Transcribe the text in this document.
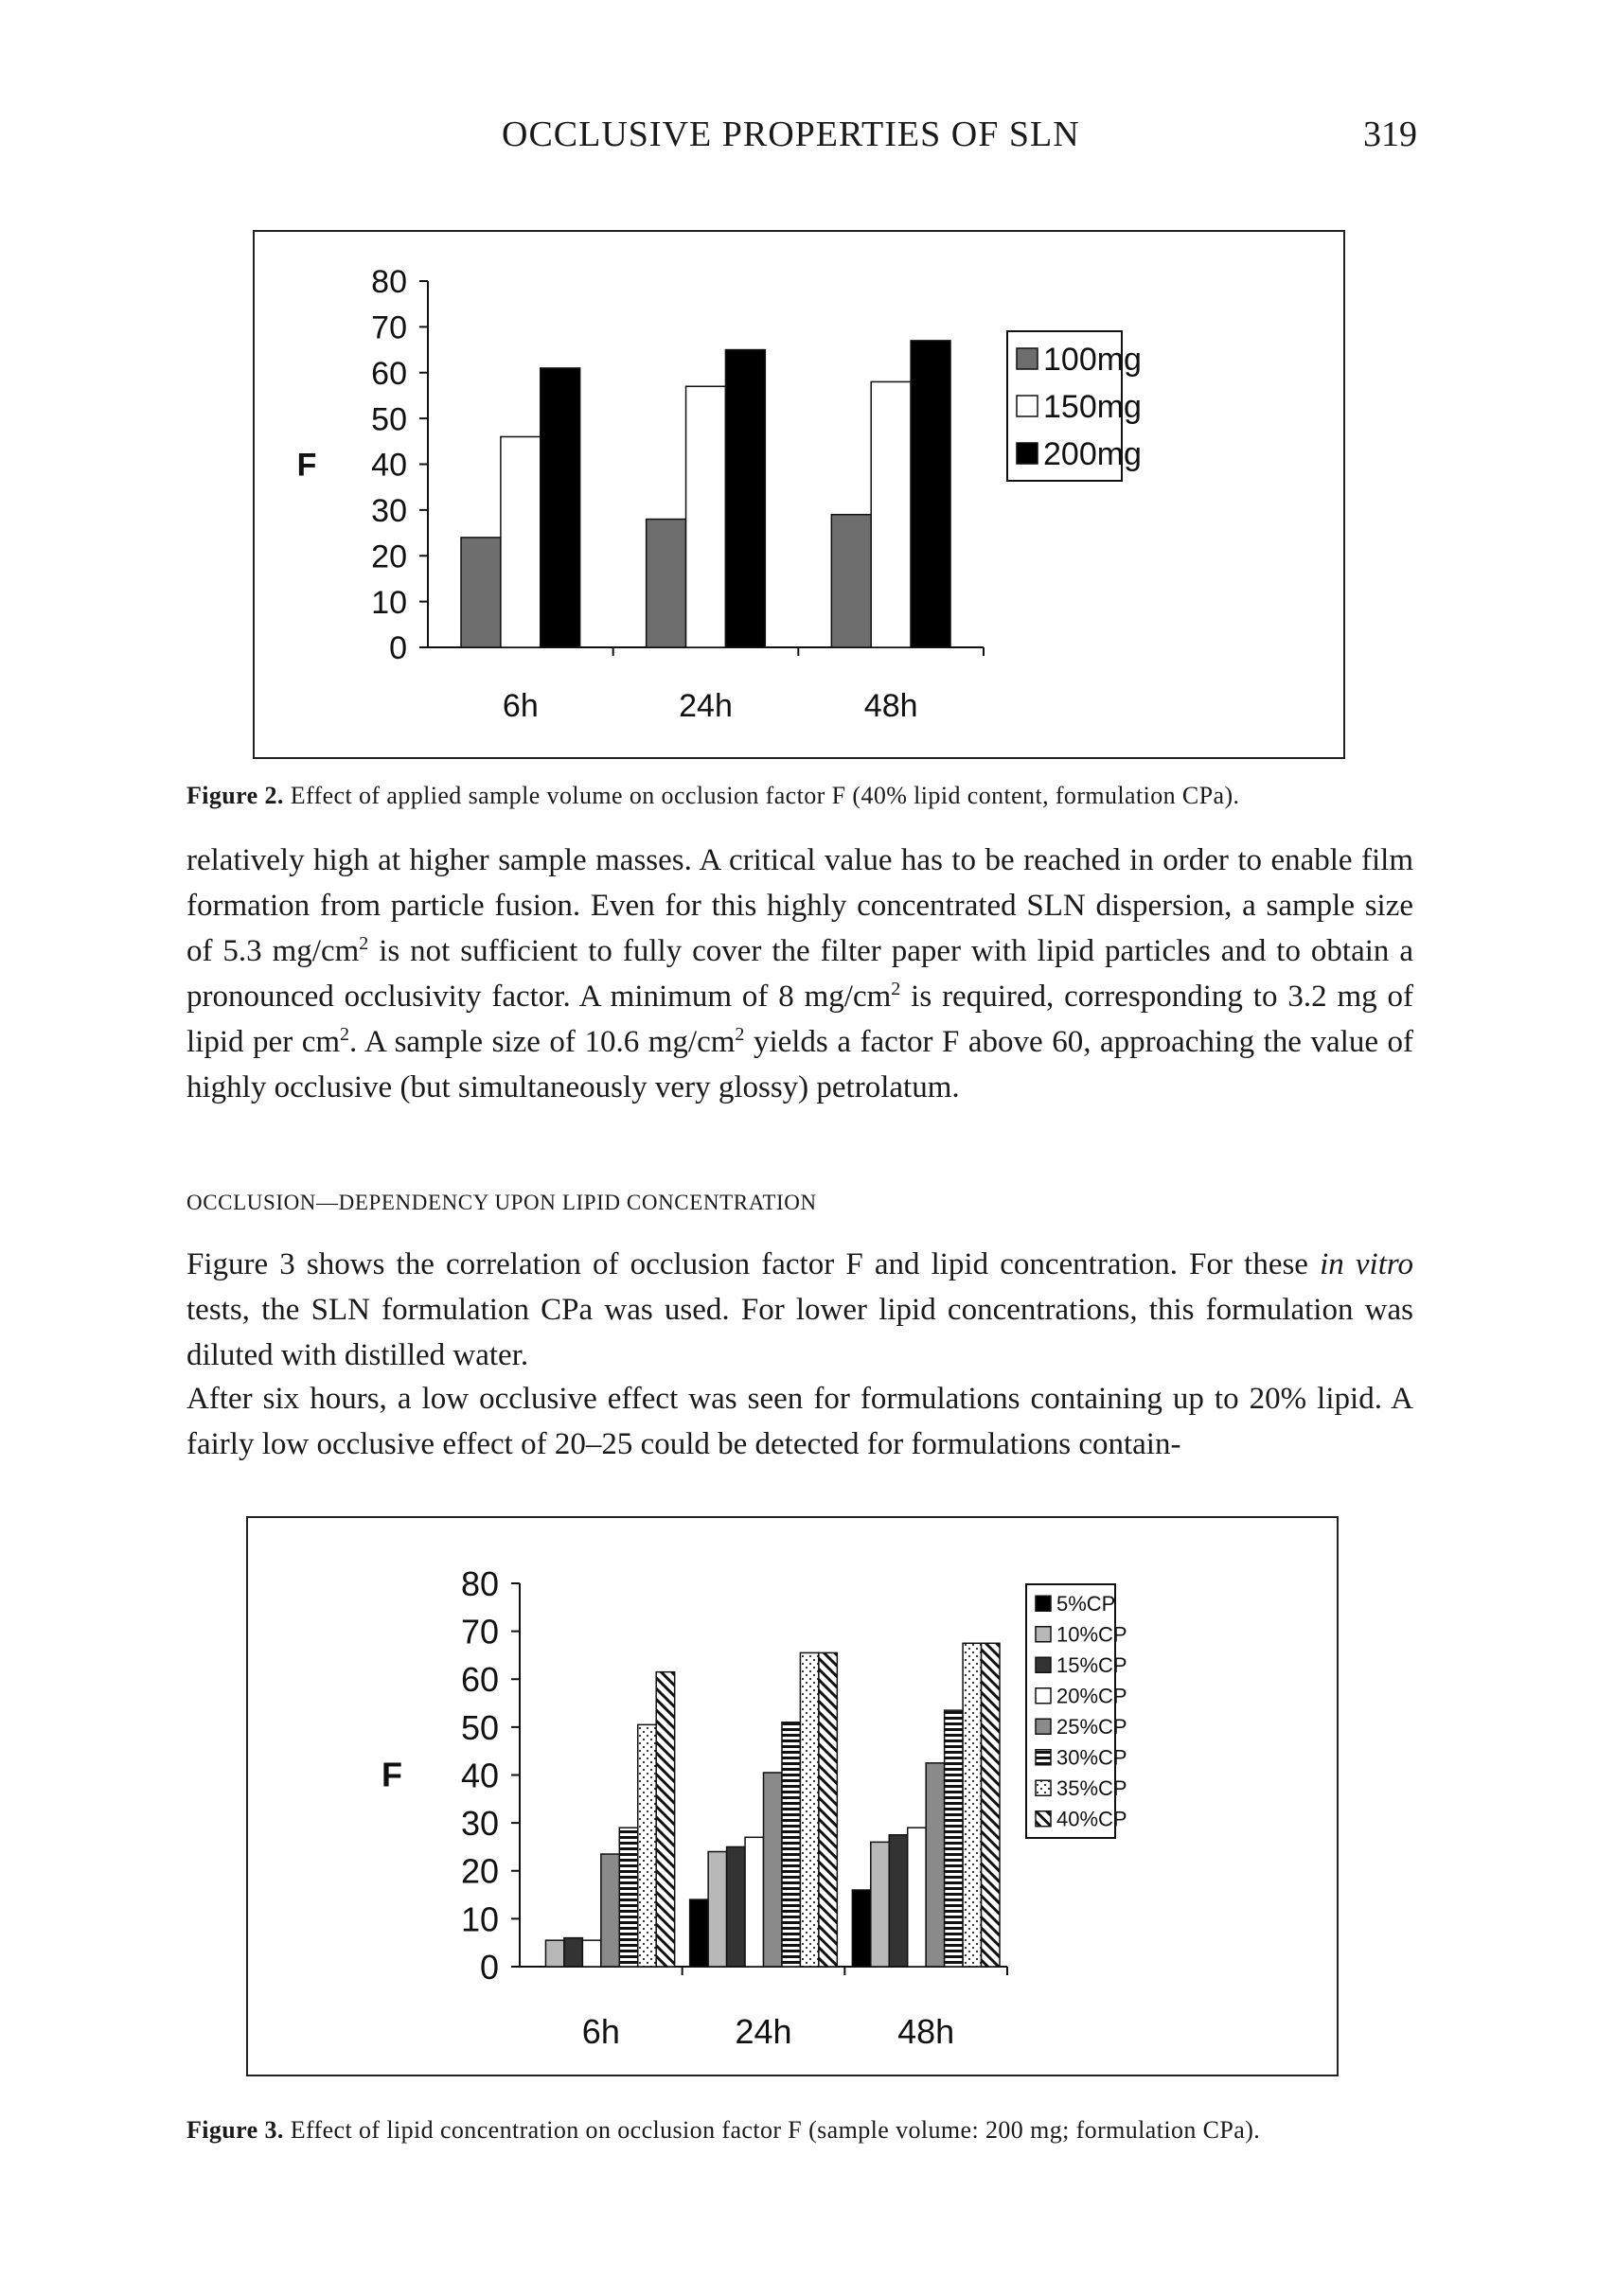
OCCLUSIVE PROPERTIES OF SLN	319
0
10
20
30
40
50
60
70
80
F
6h	24h	48h
100mg
150mg
200mg
Figure 2. Effect of applied sample volume on occlusion factor F (40% lipid content, formulation CPa).

relatively high at higher sample masses. A critical value has to be reached in order to enable film formation from particle fusion. Even for this highly concentrated SLN dispersion, a sample size of 5.3 $mg/cm^2$ is not sufficient to fully cover the filter paper with lipid particles and to obtain a pronounced occlusivity factor. A minimum of 8 $mg/cm^2$ is required, corresponding to 3.2 mg of lipid per $cm^2$. A sample size of 10.6 $mg/cm^2$ yields a factor F above 60, approaching the value of highly occlusive (but simultaneously very glossy) petrolatum.

OCCLUSION—DEPENDENCY UPON LIPID CONCENTRATION

Figure 3 shows the correlation of occlusion factor F and lipid concentration. For these in vitro tests, the SLN formulation CPa was used. For lower lipid concentrations, this formulation was diluted with distilled water.

After six hours, a low occlusive effect was seen for formulations containing up to 20% lipid. A fairly low occlusive effect of 20–25 could be detected for formulations contain-

0
10
20
30
40
50
60
70
80
F
6h	24h	48h
5%CP
10%CP
15%CP
20%CP
25%CP
30%CP
35%CP
40%CP
Figure 3. Effect of lipid concentration on occlusion factor F (sample volume: 200 mg; formulation CPa).
